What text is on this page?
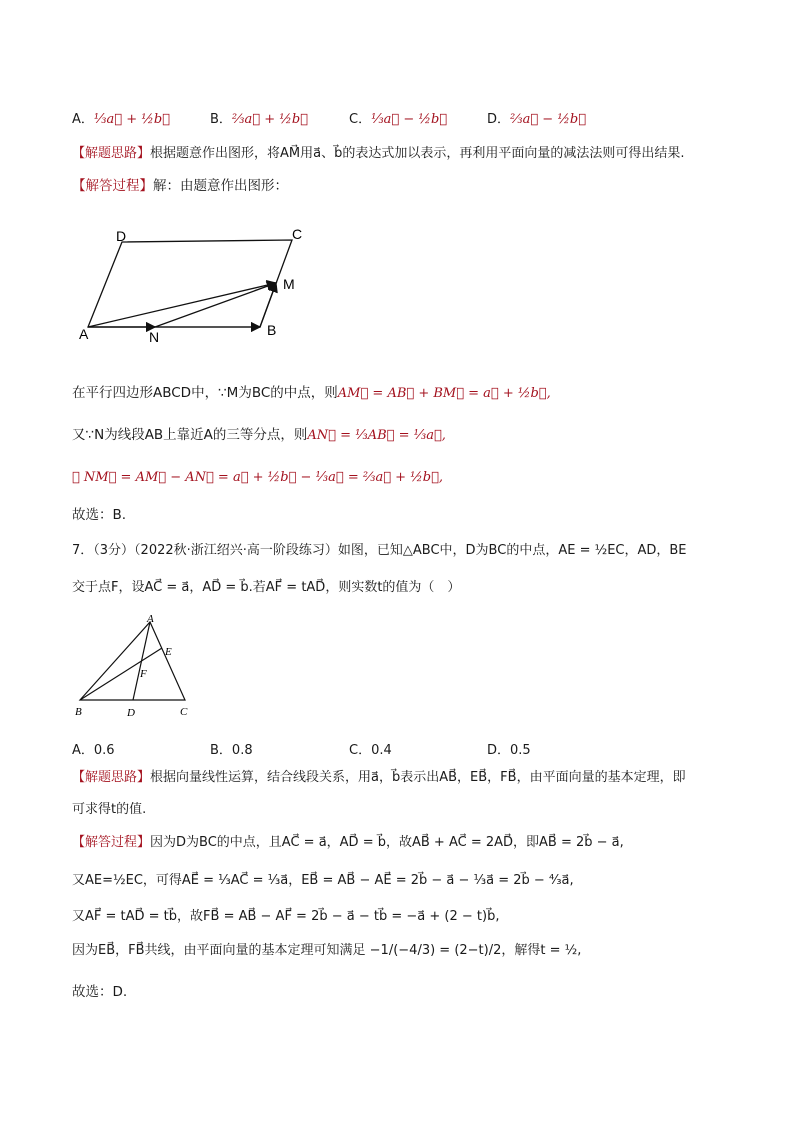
A．⅓a⃗ + ½b⃗	B．⅔a⃗ + ½b⃗	C．⅓a⃗ − ½b⃗	D．⅔a⃗ − ½b⃗
【解题思路】根据题意作出图形，将AM⃗用a⃗、b⃗的表达式加以表示，再利用平面向量的减法法则可得出结果.
【解答过程】解：由题意作出图形：
D	C
M
A	N	B
在平行四边形ABCD中，∵M为BC的中点，则AM⃗ = AB⃗ + BM⃗ = a⃗ + ½b⃗,
又∵N为线段AB上靠近A的三等分点，则AN⃗ = ⅓AB⃗ = ⅓a⃗,
∴ NM⃗ = AM⃗ − AN⃗ = a⃗ + ½b⃗ − ⅓a⃗ = ⅔a⃗ + ½b⃗,
故选：B.
7．（3分）（2022秋·浙江绍兴·高一阶段练习）如图，已知△ABC中，D为BC的中点，AE = ½EC，AD，BE
交于点F，设AC⃗ = a⃗，AD⃗ = b⃗.若AF⃗ = tAD⃗，则实数t的值为（　）
A
E
F
B	D	C
A．0.6	B．0.8	C．0.4	D．0.5
【解题思路】根据向量线性运算，结合线段关系，用a⃗，b⃗表示出AB⃗，EB⃗，FB⃗，由平面向量的基本定理，即
可求得t的值.
【解答过程】因为D为BC的中点，且AC⃗ = a⃗，AD⃗ = b⃗，故AB⃗ + AC⃗ = 2AD⃗，即AB⃗ = 2b⃗ − a⃗,
又AE=½EC，可得AE⃗ = ⅓AC⃗ = ⅓a⃗，EB⃗ = AB⃗ − AE⃗ = 2b⃗ − a⃗ − ⅓a⃗ = 2b⃗ − ⁴⁄₃a⃗,
又AF⃗ = tAD⃗ = tb⃗，故FB⃗ = AB⃗ − AF⃗ = 2b⃗ − a⃗ − tb⃗ = −a⃗ + (2 − t)b⃗,
因为EB⃗，FB⃗共线，由平面向量的基本定理可知满足 −1/(−4/3) = (2−t)/2，解得t = ½,
故选：D.
